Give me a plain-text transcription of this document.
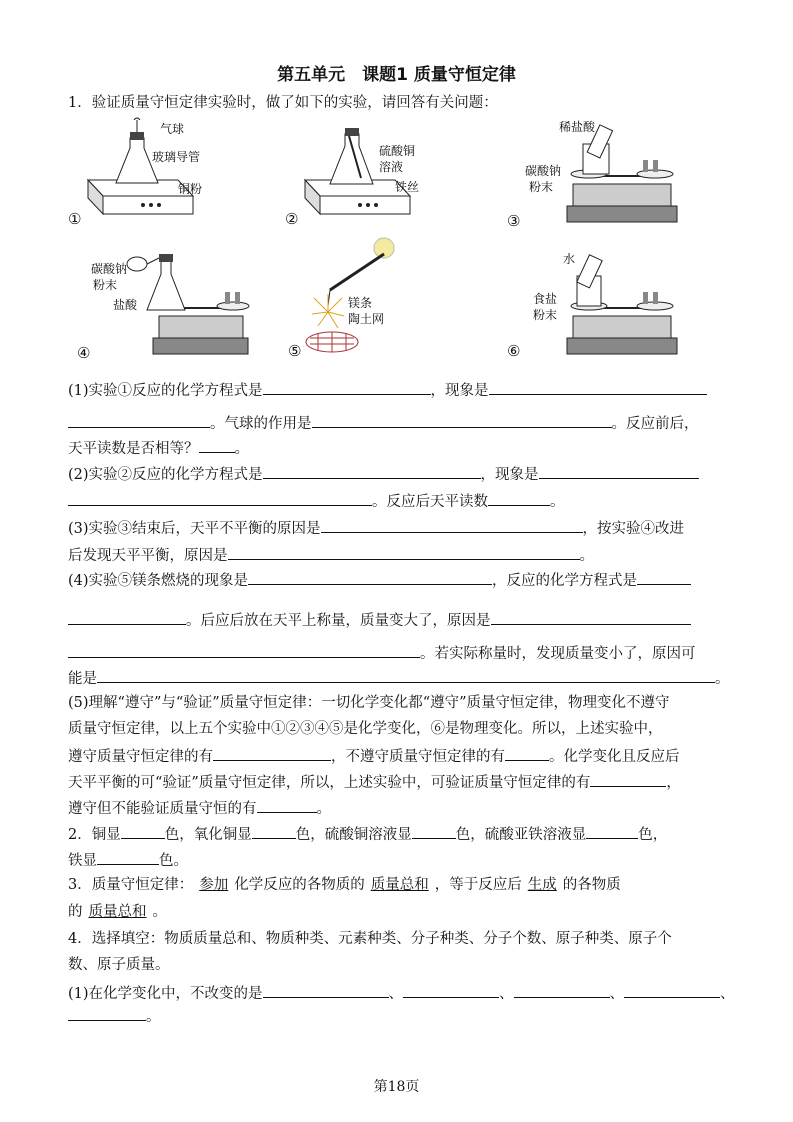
第五单元　课题1 质量守恒定律
1．验证质量守恒定律实验时，做了如下的实验，请回答有关问题：
①
气球
玻璃导管
铜粉
②
硫酸铜
溶液
铁丝
③
稀盐酸
碳酸钠
粉末
④
碳酸钠
粉末
盐酸
⑤
镁条
陶土网
⑥
水
食盐
粉末
(1)实验①反应的化学方程式是	，现象是
。气球的作用是	。反应前后，
天平读数是否相等？ 。
(2)实验②反应的化学方程式是	，现象是
。反应后天平读数	。
(3)实验③结束后，天平不平衡的原因是	，按实验④改进
后发现天平平衡，原因是	。
(4)实验⑤镁条燃烧的现象是	，反应的化学方程式是
。后应后放在天平上称量，质量变大了，原因是
。若实际称量时，发现质量变小了，原因可
能是	。
(5)理解“遵守”与“验证”质量守恒定律：一切化学变化都“遵守”质量守恒定律，物理变化不遵守
质量守恒定律，以上五个实验中①②③④⑤是化学变化，⑥是物理变化。所以，上述实验中，
遵守质量守恒定律的有	，不遵守质量守恒定律的有	。化学变化且反应后
天平平衡的可“验证”质量守恒定律，所以，上述实验中，可验证质量守恒定律的有	，
遵守但不能验证质量守恒的有	。
2．铜显	色，氧化铜显	色，硫酸铜溶液显	色，硫酸亚铁溶液显	色，
铁显	色。
3．质量守恒定律： 参加 化学反应的各物质的 质量总和 ，等于反应后 生成 的各物质
的 质量总和 。
4．选择填空：物质质量总和、物质种类、元素种类、分子种类、分子个数、原子种类、原子个
数、原子质量。
(1)在化学变化中，不改变的是	、	、	、	、
。
第18页
